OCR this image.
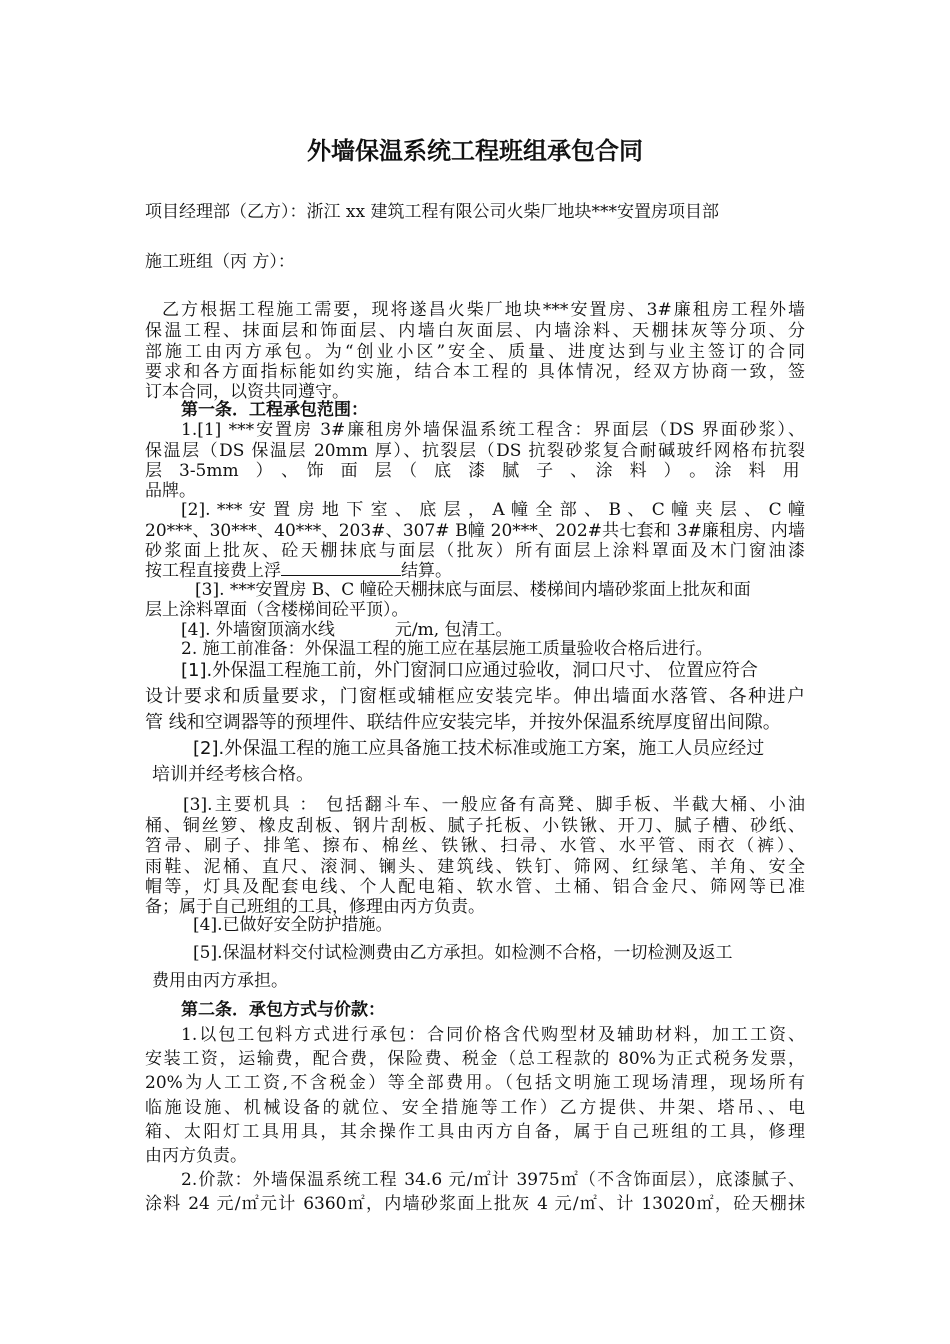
外墙保温系统工程班组承包合同
项目经理部（乙方）：浙江 xx 建筑工程有限公司火柴厂地块***安置房项目部
施工班组（丙 方）：
乙方根据工程施工需要，现将遂昌火柴厂地块***安置房、3#廉租房工程外墙
保温工程、抹面层和饰面层、内墙白灰面层、内墙涂料、天棚抹灰等分项、分
部施工由丙方承包。为“创业小区”安全、质量、进度达到与业主签订的合同
要求和各方面指标能如约实施，结合本工程的 具体情况，经双方协商一致，签
订本合同，以资共同遵守。
第一条．工程承包范围：
1.[1] ***安置房 3#廉租房外墙保温系统工程含：界面层（DS 界面砂浆）、
保温层（DS 保温层 20mm 厚）、抗裂层（DS 抗裂砂浆复合耐碱玻纤网格布抗裂
层　3-5mm　）　、　饰　面　层　（　底　漆　腻　子　、　涂　料　）　。　涂　料　用
品牌。
[2]. *** 安 置 房 地 下 室 、 底 层 ， A 幢 全 部 、 B 、 C 幢 夹 层 、 C 幢
20***、30***、40***、203#、307# B幢 20***、202#共七套和 3#廉租房、内墙
砂浆面上批灰、砼天棚抹底与面层（批灰）所有面层上涂料罩面及木门窗油漆
按工程直接费上浮	结算。
[3]. ***安置房 B、C 幢砼天棚抹底与面层、楼梯间内墙砂浆面上批灰和面
层上涂料罩面（含楼梯间砼平顶）。
[4]. 外墙窗顶滴水线	元/m, 包清工。
2. 施工前准备：外保温工程的施工应在基层施工质量验收合格后进行。
[1].外保温工程施工前，外门窗洞口应通过验收，洞口尺寸、 位置应符合
设计要求和质量要求，门窗框或辅框应安装完毕。伸出墙面水落管、各种进户
管 线和空调器等的预埋件、联结件应安装完毕，并按外保温系统厚度留出间隙。
[2].外保温工程的施工应具备施工技术标准或施工方案，施工人员应经过
培训并经考核合格。
[3].主要机具 ： 包括翻斗车、一般应备有高凳、脚手板、半截大桶、小油
桶、铜丝箩、橡皮刮板、钢片刮板、腻子托板、小铁锹、开刀、腻子槽、砂纸、
笤帚、刷子、排笔、擦布、棉丝、铁锹、扫帚、水管、水平管、雨衣（裤）、
雨鞋、泥桶、直尺、滚洞、镧头、建筑线、铁钉、筛网、红绿笔、羊角、安全
帽等，灯具及配套电线、个人配电箱、软水管、土桶、铝合金尺、筛网等已准
备；属于自己班组的工具，修理由丙方负责。
[4].已做好安全防护措施。
[5].保温材料交付试检测费由乙方承担。如检测不合格，一切检测及返工
费用由丙方承担。
第二条．承包方式与价款：
1.以包工包料方式进行承包：合同价格含代购型材及辅助材料，加工工资、
安装工资，运输费，配合费，保险费、税金（总工程款的 80%为正式税务发票，
20%为人工工资,不含税金）等全部费用。（包括文明施工现场清理，现场所有
临施设施、机械设备的就位、安全措施等工作）乙方提供、井架、塔吊、、电
箱、太阳灯工具用具，其余操作工具由丙方自备，属于自己班组的工具，修理
由丙方负责。
2.价款：外墙保温系统工程 34.6 元/㎡计 3975㎡（不含饰面层），底漆腻子、
涂料 24 元/㎡元计 6360㎡，内墙砂浆面上批灰 4 元/㎡、计 13020㎡，砼天棚抹
